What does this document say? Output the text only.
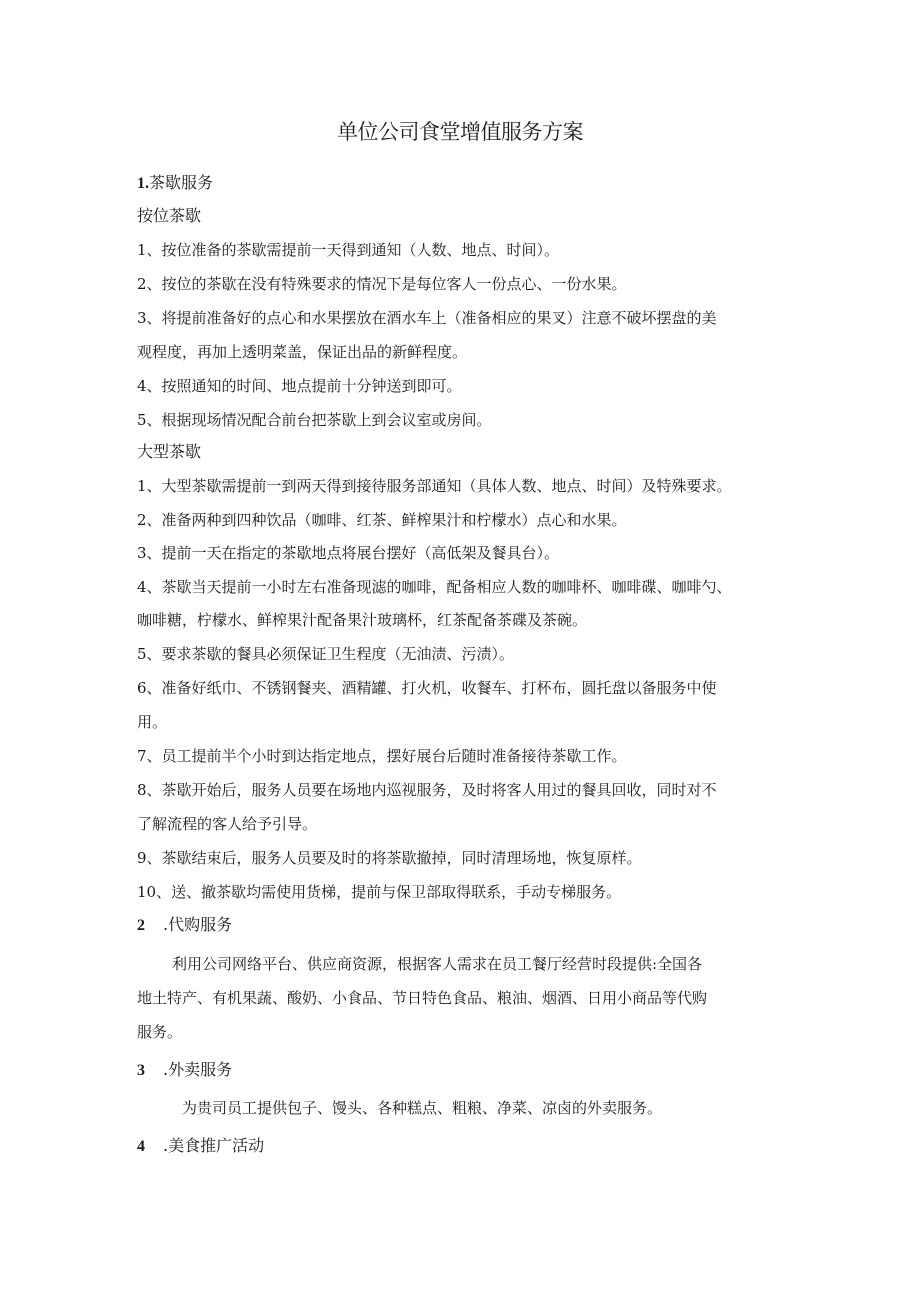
单位公司食堂增值服务方案
1.茶歇服务
按位茶歇
1、按位准备的茶歇需提前一天得到通知（人数、地点、时间）。
2、按位的茶歇在没有特殊要求的情况下是每位客人一份点心、一份水果。
3、将提前准备好的点心和水果摆放在酒水车上（准备相应的果叉）注意不破坏摆盘的美
观程度，再加上透明菜盖，保证出品的新鲜程度。
4、按照通知的时间、地点提前十分钟送到即可。
5、根据现场情况配合前台把茶歇上到会议室或房间。
大型茶歇
1、大型茶歇需提前一到两天得到接待服务部通知（具体人数、地点、时间）及特殊要求。
2、准备两种到四种饮品（咖啡、红茶、鲜榨果汁和柠檬水）点心和水果。
3、提前一天在指定的茶歇地点将展台摆好（高低架及餐具台）。
4、茶歇当天提前一小时左右准备现滤的咖啡，配备相应人数的咖啡杯、咖啡碟、咖啡勺、
咖啡糖，柠檬水、鲜榨果汁配备果汁玻璃杯，红茶配备茶碟及茶碗。
5、要求茶歇的餐具必须保证卫生程度（无油渍、污渍）。
6、准备好纸巾、不锈钢餐夹、酒精罐、打火机，收餐车、打杯布，圆托盘以备服务中使
用。
7、员工提前半个小时到达指定地点，摆好展台后随时准备接待茶歇工作。
8、茶歇开始后，服务人员要在场地内巡视服务，及时将客人用过的餐具回收，同时对不
了解流程的客人给予引导。
9、茶歇结束后，服务人员要及时的将茶歇撤掉，同时清理场地，恢复原样。
10、送、撤茶歇均需使用货梯，提前与保卫部取得联系，手动专梯服务。
2 .代购服务
利用公司网络平台、供应商资源，根据客人需求在员工餐厅经营时段提供:全国各
地土特产、有机果蔬、酸奶、小食品、节日特色食品、粮油、烟酒、日用小商品等代购
服务。
3 .外卖服务
为贵司员工提供包子、馒头、各种糕点、粗粮、净菜、凉卤的外卖服务。
4 .美食推广活动
